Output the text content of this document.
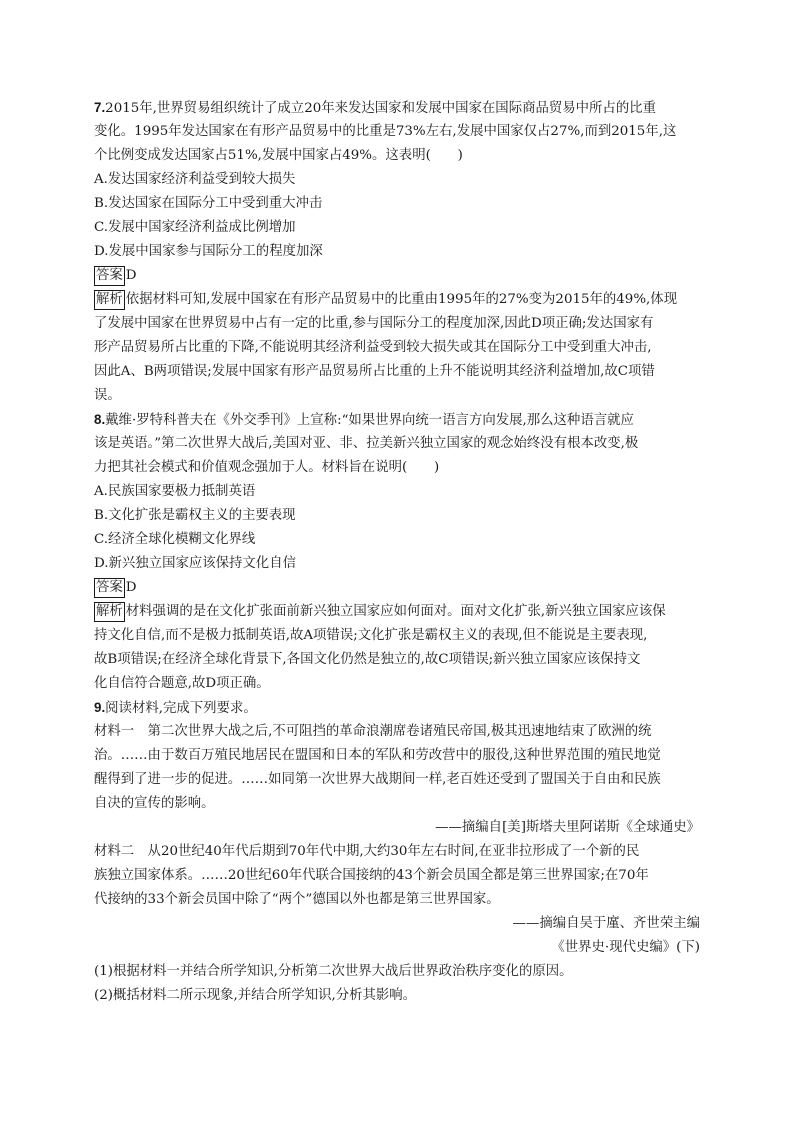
7.2015年,世界贸易组织统计了成立20年来发达国家和发展中国家在国际商品贸易中所占的比重
变化。1995年发达国家在有形产品贸易中的比重是73%左右,发展中国家仅占27%,而到2015年,这
个比例变成发达国家占51%,发展中国家占49%。这表明(　　)
A.发达国家经济利益受到较大损失
B.发达国家在国际分工中受到重大冲击
C.发展中国家经济利益成比例增加
D.发展中国家参与国际分工的程度加深
答案 D
解析 依据材料可知,发展中国家在有形产品贸易中的比重由1995年的27%变为2015年的49%,体现
了发展中国家在世界贸易中占有一定的比重,参与国际分工的程度加深,因此D项正确;发达国家有
形产品贸易所占比重的下降,不能说明其经济利益受到较大损失或其在国际分工中受到重大冲击,
因此A、B两项错误;发展中国家有形产品贸易所占比重的上升不能说明其经济利益增加,故C项错
误。
8.戴维·罗特科普夫在《外交季刊》上宣称:“如果世界向统一语言方向发展,那么这种语言就应
该是英语。”第二次世界大战后,美国对亚、非、拉美新兴独立国家的观念始终没有根本改变,极
力把其社会模式和价值观念强加于人。材料旨在说明(　　)
A.民族国家要极力抵制英语
B.文化扩张是霸权主义的主要表现
C.经济全球化模糊文化界线
D.新兴独立国家应该保持文化自信
答案 D
解析 材料强调的是在文化扩张面前新兴独立国家应如何面对。面对文化扩张,新兴独立国家应该保
持文化自信,而不是极力抵制英语,故A项错误;文化扩张是霸权主义的表现,但不能说是主要表现,
故B项错误;在经济全球化背景下,各国文化仍然是独立的,故C项错误;新兴独立国家应该保持文
化自信符合题意,故D项正确。
9.阅读材料,完成下列要求。
材料一　第二次世界大战之后,不可阻挡的革命浪潮席卷诸殖民帝国,极其迅速地结束了欧洲的统
治。……由于数百万殖民地居民在盟国和日本的军队和劳改营中的服役,这种世界范围的殖民地觉
醒得到了进一步的促进。……如同第一次世界大战期间一样,老百姓还受到了盟国关于自由和民族
自决的宣传的影响。
——摘编自[美]斯塔夫里阿诺斯《全球通史》
材料二　从20世纪40年代后期到70年代中期,大约30年左右时间,在亚非拉形成了一个新的民
族独立国家体系。……20世纪60年代联合国接纳的43个新会员国全都是第三世界国家;在70年
代接纳的33个新会员国中除了“两个”德国以外也都是第三世界国家。
——摘编自吴于廑、齐世荣主编
《世界史·现代史编》(下)
(1)根据材料一并结合所学知识,分析第二次世界大战后世界政治秩序变化的原因。
(2)概括材料二所示现象,并结合所学知识,分析其影响。
